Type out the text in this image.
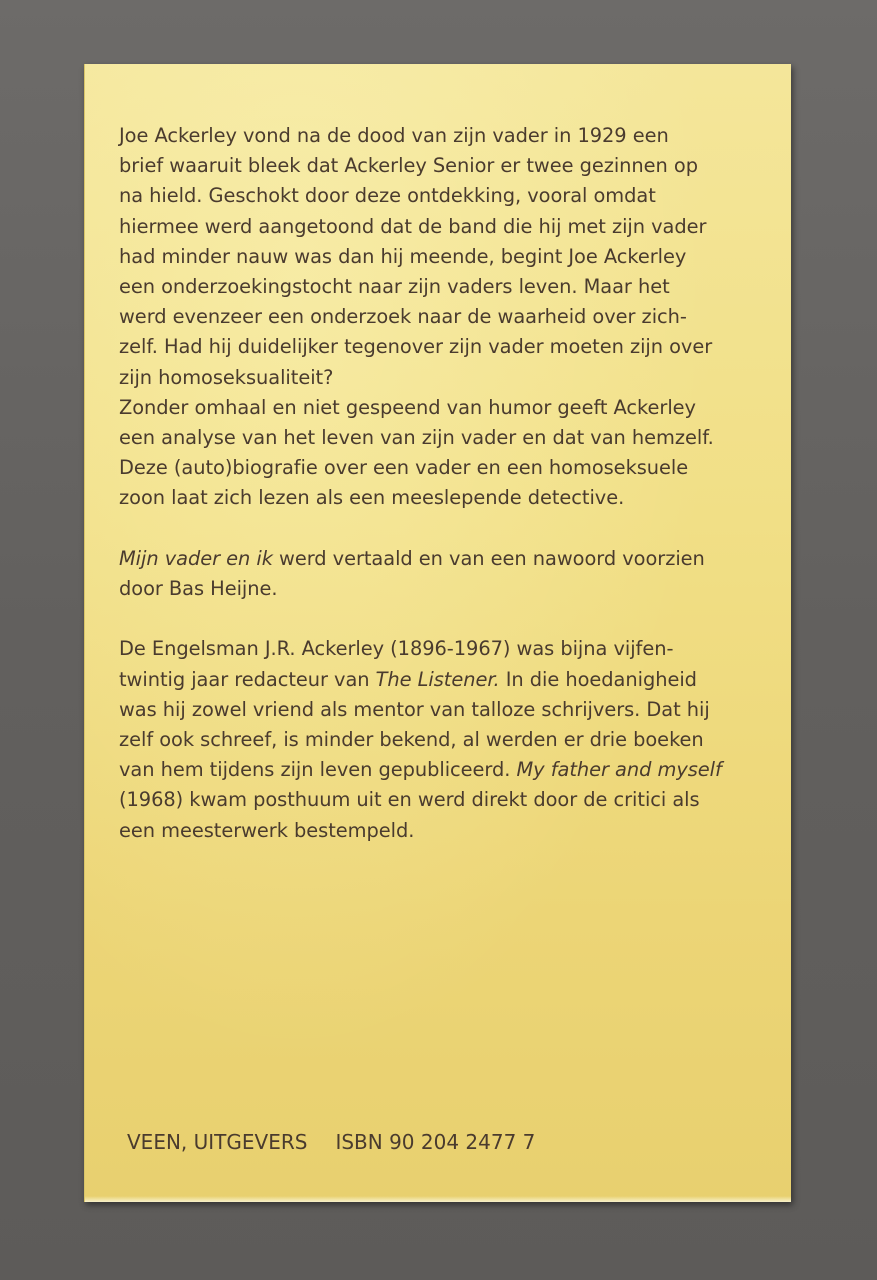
Joe Ackerley vond na de dood van zijn vader in 1929 een
brief waaruit bleek dat Ackerley Senior er twee gezinnen op
na hield. Geschokt door deze ontdekking, vooral omdat
hiermee werd aangetoond dat de band die hij met zijn vader
had minder nauw was dan hij meende, begint Joe Ackerley
een onderzoekingstocht naar zijn vaders leven. Maar het
werd evenzeer een onderzoek naar de waarheid over zich-
zelf. Had hij duidelijker tegenover zijn vader moeten zijn over
zijn homoseksualiteit?
Zonder omhaal en niet gespeend van humor geeft Ackerley
een analyse van het leven van zijn vader en dat van hemzelf.
Deze (auto)biografie over een vader en een homoseksuele
zoon laat zich lezen als een meeslepende detective.
Mijn vader en ik werd vertaald en van een nawoord voorzien
door Bas Heijne.
De Engelsman J.R. Ackerley (1896-1967) was bijna vijfen-
twintig jaar redacteur van The Listener. In die hoedanigheid
was hij zowel vriend als mentor van talloze schrijvers. Dat hij
zelf ook schreef, is minder bekend, al werden er drie boeken
van hem tijdens zijn leven gepubliceerd. My father and myself
(1968) kwam posthuum uit en werd direkt door de critici als
een meesterwerk bestempeld.
VEEN, UITGEVERS ISBN 90 204 2477 7
